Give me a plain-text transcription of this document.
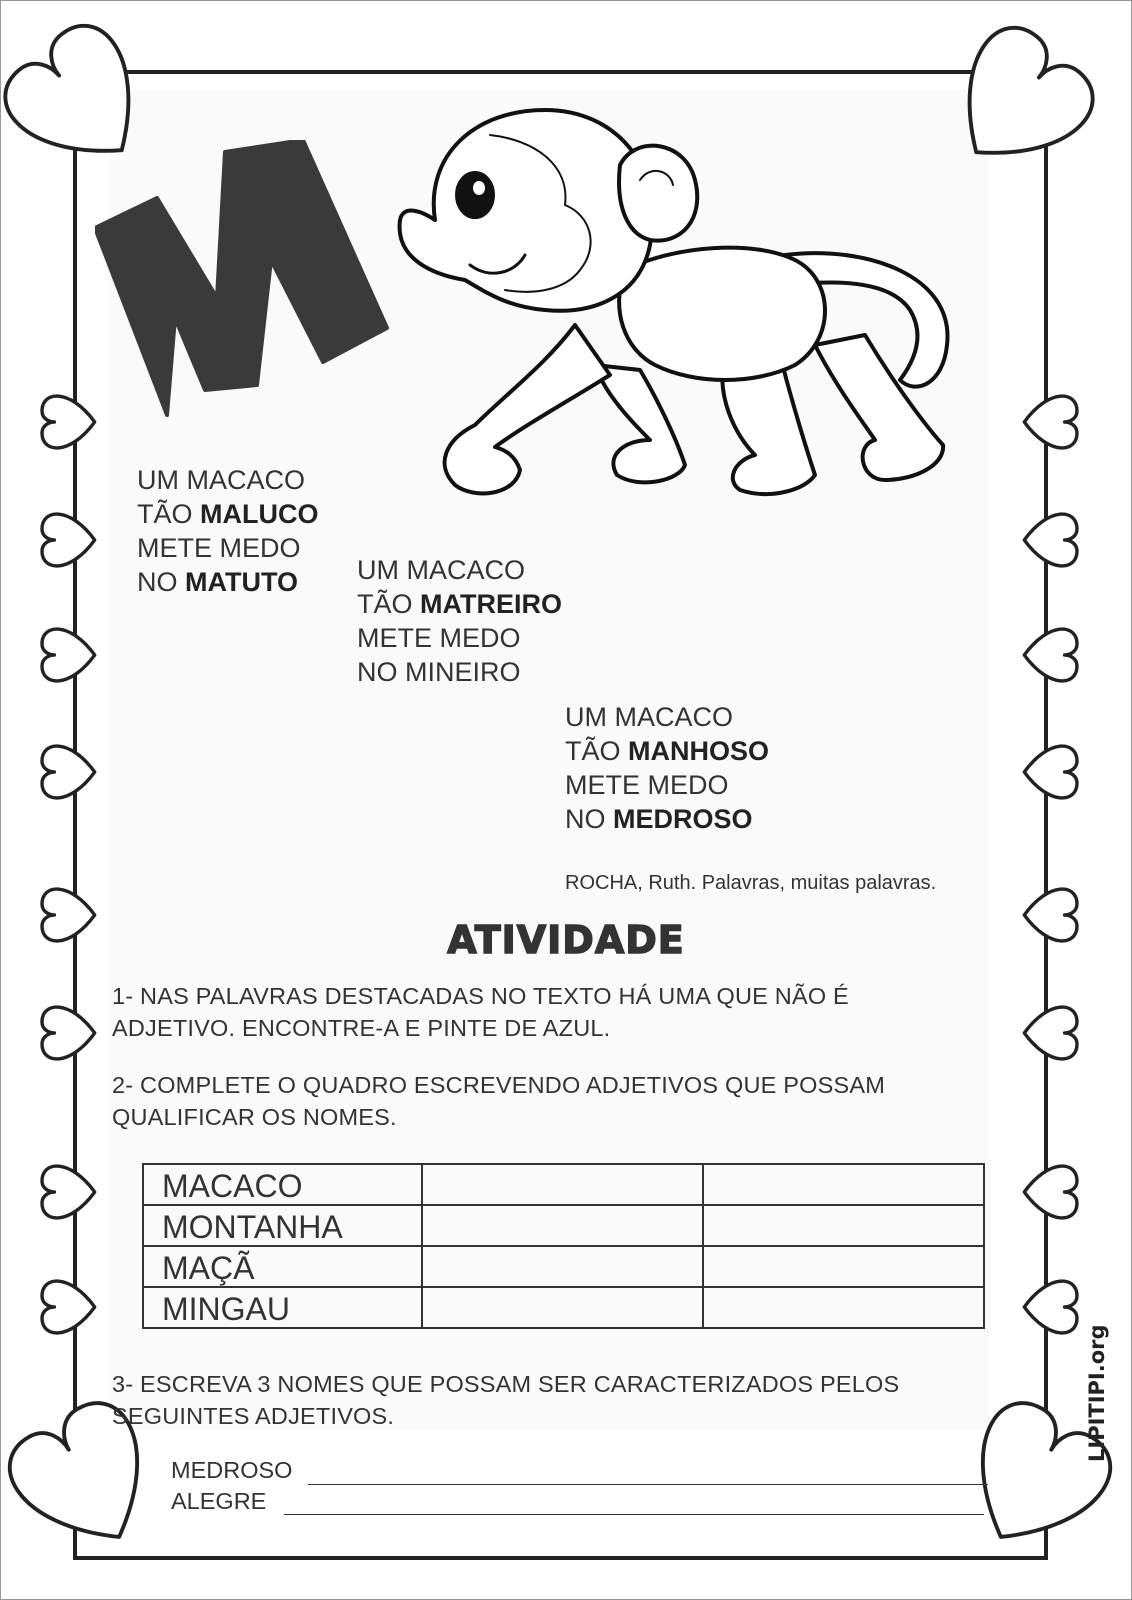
UM MACACO
TÃO MALUCO
METE MEDO
NO MATUTO	UM MACACO
TÃO MATREIRO
METE MEDO
NO MINEIRO
UM MACACO
TÃO MANHOSO
METE MEDO
NO MEDROSO
ROCHA, Ruth. Palavras, muitas palavras.
ATIVIDADE
1- NAS PALAVRAS DESTACADAS NO TEXTO HÁ UMA QUE NÃO É
ADJETIVO. ENCONTRE-A E PINTE DE AZUL.
2- COMPLETE O QUADRO ESCREVENDO ADJETIVOS QUE POSSAM
QUALIFICAR OS NOMES.
MACACO		
MONTANHA		
MAÇÃ		
MINGAU		
3- ESCREVA 3 NOMES QUE POSSAM SER CARACTERIZADOS PELOS
SEGUINTES ADJETIVOS.
MEDROSO
ALEGRE
LIPITIPI.org
